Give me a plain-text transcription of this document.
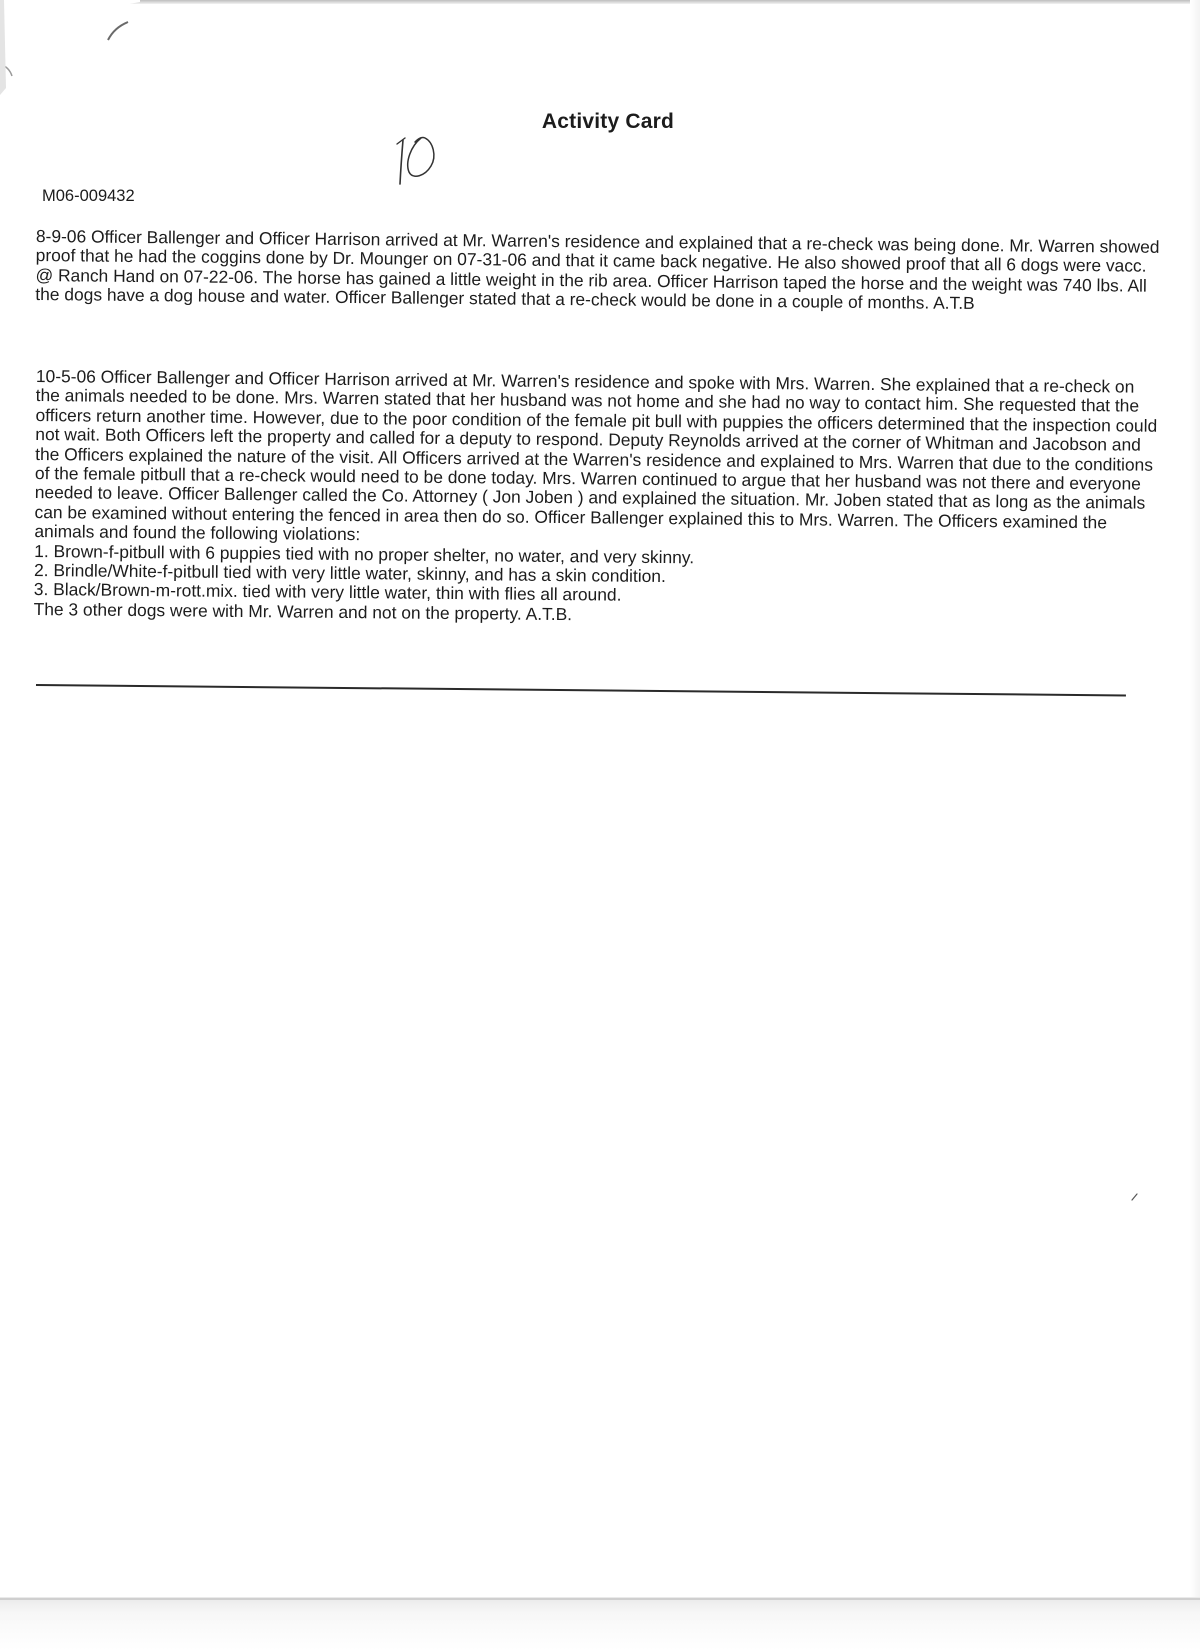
Activity Card
M06-009432

8-9-06 Officer Ballenger and Officer Harrison arrived at Mr. Warren's residence and explained that a re-check was being done. Mr. Warren showed proof that he had the coggins done by Dr. Mounger on 07-31-06 and that it came back negative. He also showed proof that all 6 dogs were vacc. @ Ranch Hand on 07-22-06. The horse has gained a little weight in the rib area. Officer Harrison taped the horse and the weight was 740 lbs. All the dogs have a dog house and water. Officer Ballenger stated that a re-check would be done in a couple of months. A.T.B

10-5-06 Officer Ballenger and Officer Harrison arrived at Mr. Warren's residence and spoke with Mrs. Warren. She explained that a re-check on the animals needed to be done. Mrs. Warren stated that her husband was not home and she had no way to contact him. She requested that the officers return another time. However, due to the poor condition of the female pit bull with puppies the officers determined that the inspection could not wait. Both Officers left the property and called for a deputy to respond. Deputy Reynolds arrived at the corner of Whitman and Jacobson and the Officers explained the nature of the visit. All Officers arrived at the Warren's residence and explained to Mrs. Warren that due to the conditions of the female pitbull that a re-check would need to be done today. Mrs. Warren continued to argue that her husband was not there and everyone needed to leave. Officer Ballenger called the Co. Attorney ( Jon Joben ) and explained the situation. Mr. Joben stated that as long as the animals can be examined without entering the fenced in area then do so. Officer Ballenger explained this to Mrs. Warren. The Officers examined the animals and found the following violations:

1. Brown-f-pitbull with 6 puppies tied with no proper shelter, no water, and very skinny.
2. Brindle/White-f-pitbull tied with very little water, skinny, and has a skin condition.
3. Black/Brown-m-rott.mix. tied with very little water, thin with flies all around.

The 3 other dogs were with Mr. Warren and not on the property. A.T.B.
